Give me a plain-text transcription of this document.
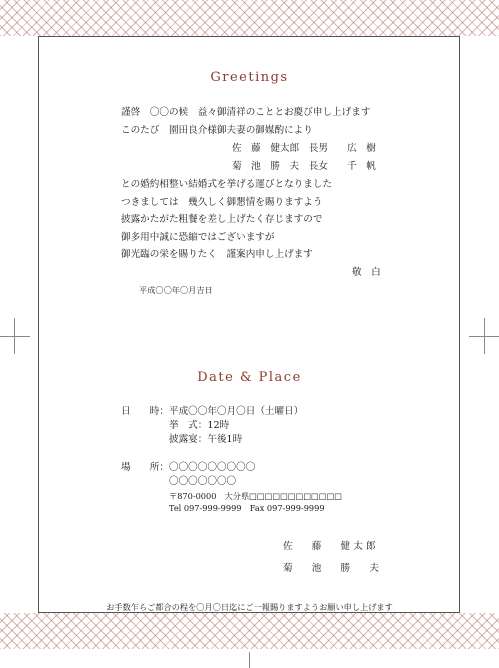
Greetings
謹啓　〇〇の候　益々御清祥のこととお慶び申し上げます
このたび　園田良介様御夫妻の御媒酌により
佐　藤　健太郎　長男　　広　樹
菊　池　勝　夫　長女　　千　帆
との婚約相整い結婚式を挙げる運びとなりました
つきましては　幾久しく御懇情を賜りますよう
披露かたがた粗餐を差し上げたく存じますので
御多用中誠に恐縮ではございますが
御光臨の栄を賜りたく　謹案内申し上げます
敬　白
平成〇〇年〇月吉日
Date & Place
日　　時： 平成〇〇年〇月〇日（土曜日）
挙　式：12時
披露宴：午後1時
場　　所： 〇〇〇〇〇〇〇〇〇
〇〇〇〇〇〇〇
〒870-0000　大分県□□□□□□□□□□□□
Tel 097-999-9999　Fax 097-999-9999
佐　　藤　　健 太 郎
菊　　池　　勝　　夫
お手数乍らご都合の程を〇月〇日迄にご一報賜りますようお願い申し上げます
